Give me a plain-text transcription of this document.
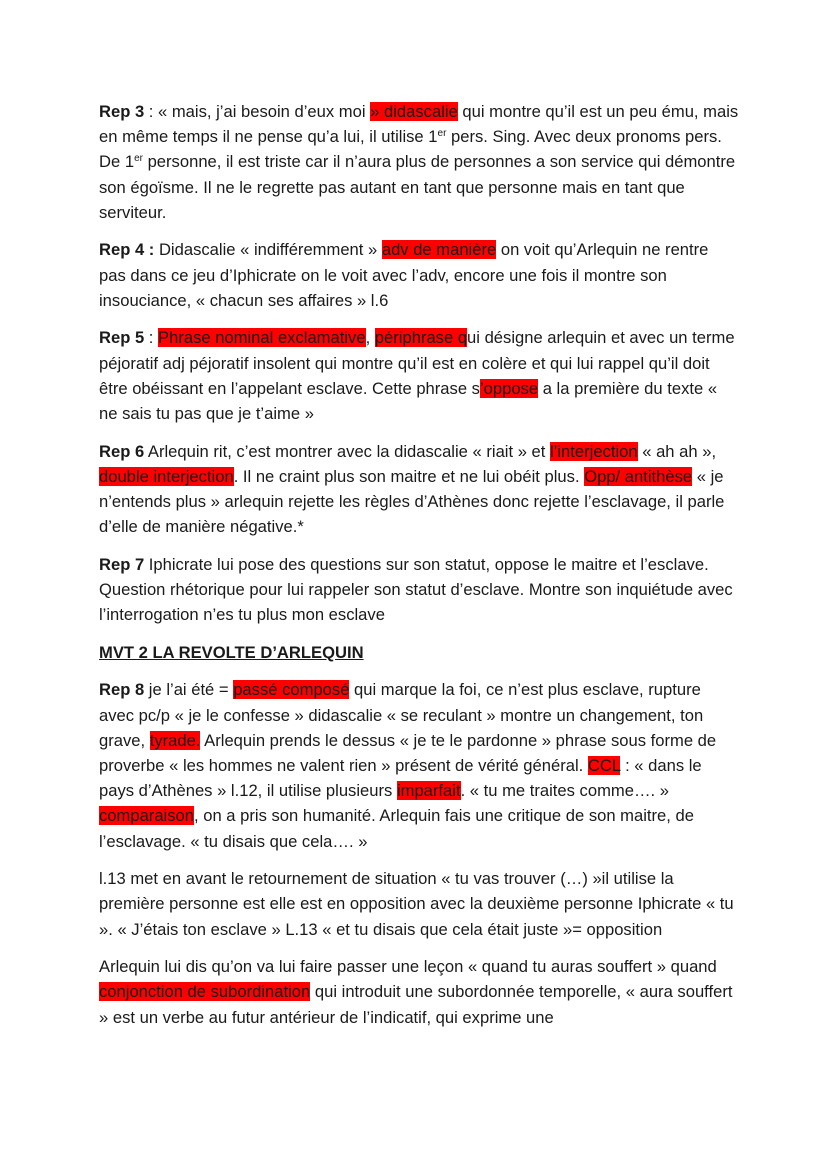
Rep 3 : « mais, j’ai besoin d’eux moi » didascalie qui montre qu’il est un peu ému, mais en même temps il ne pense qu’a lui, il utilise 1er pers. Sing. Avec deux pronoms pers. De 1er personne, il est triste car il n’aura plus de personnes a son service qui démontre son égoïsme. Il ne le regrette pas autant en tant que personne mais en tant que serviteur.

Rep 4 : Didascalie « indifféremment » adv de manière on voit qu’Arlequin ne rentre pas dans ce jeu d’Iphicrate on le voit avec l’adv, encore une fois il montre son insouciance, « chacun ses affaires » l.6

Rep 5 : Phrase nominal exclamative, périphrase qui désigne arlequin et avec un terme péjoratif adj péjoratif insolent qui montre qu’il est en colère et qui lui rappel qu’il doit être obéissant en l’appelant esclave. Cette phrase s’oppose a la première du texte « ne sais tu pas que je t’aime »

Rep 6 Arlequin rit, c’est montrer avec la didascalie « riait » et l’interjection « ah ah », double interjection. Il ne craint plus son maitre et ne lui obéit plus. Opp/ antithèse « je n’entends plus » arlequin rejette les règles d’Athènes donc rejette l’esclavage, il parle d’elle de manière négative.*

Rep 7 Iphicrate lui pose des questions sur son statut, oppose le maitre et l’esclave. Question rhétorique pour lui rappeler son statut d’esclave. Montre son inquiétude avec l’interrogation n’es tu plus mon esclave

MVT 2 LA REVOLTE D’ARLEQUIN

Rep 8 je l’ai été = passé composé qui marque la foi, ce n’est plus esclave, rupture avec pc/p « je le confesse » didascalie « se reculant » montre un changement, ton grave, tyrade. Arlequin prends le dessus « je te le pardonne » phrase sous forme de proverbe « les hommes ne valent rien » présent de vérité général. CCL : « dans le pays d’Athènes » l.12, il utilise plusieurs imparfait. « tu me traites comme…. » comparaison, on a pris son humanité. Arlequin fais une critique de son maitre, de l’esclavage. « tu disais que cela…. »

l.13 met en avant le retournement de situation « tu vas trouver (…) »il utilise la première personne est elle est en opposition avec la deuxième personne Iphicrate « tu ». « J’étais ton esclave » L.13 « et tu disais que cela était juste »= opposition

Arlequin lui dis qu’on va lui faire passer une leçon « quand tu auras souffert » quand conjonction de subordination qui introduit une subordonnée temporelle, « aura souffert » est un verbe au futur antérieur de l’indicatif, qui exprime une
